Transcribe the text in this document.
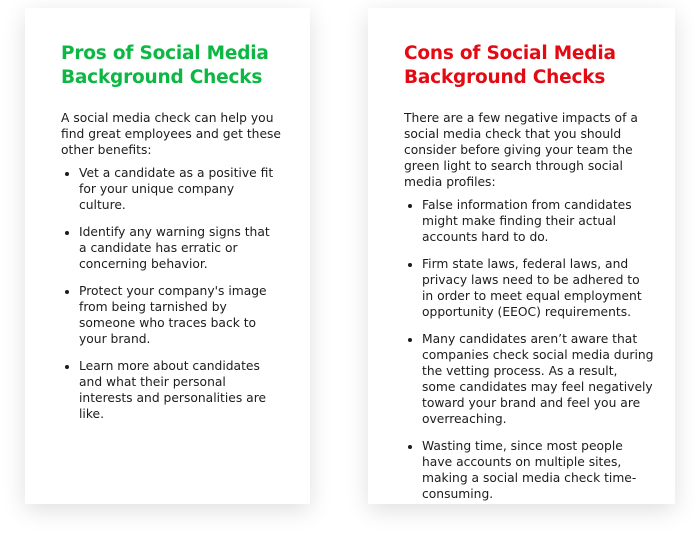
Pros of Social Media
Background Checks

A social media check can help you find great employees and get these other benefits:

• Vet a candidate as a positive fit for your unique company culture.
• Identify any warning signs that a candidate has erratic or concerning behavior.
• Protect your company's image from being tarnished by someone who traces back to your brand.
• Learn more about candidates and what their personal interests and personalities are like.
Cons of Social Media
Background Checks

There are a few negative impacts of a social media check that you should consider before giving your team the green light to search through social media profiles:

• False information from candidates might make finding their actual accounts hard to do.
• Firm state laws, federal laws, and privacy laws need to be adhered to in order to meet equal employment opportunity (EEOC) requirements.
• Many candidates aren’t aware that companies check social media during the vetting process. As a result, some candidates may feel negatively toward your brand and feel you are overreaching.
• Wasting time, since most people have accounts on multiple sites, making a social media check time-consuming.
